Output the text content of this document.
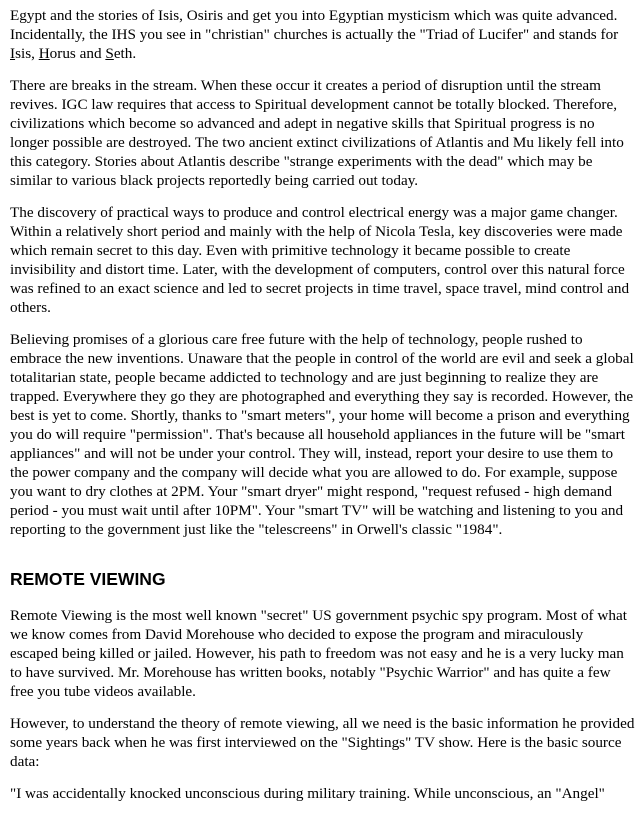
Egypt and the stories of Isis, Osiris and get you into Egyptian mysticism which was quite advanced. Incidentally, the IHS you see in "christian" churches is actually the "Triad of Lucifer" and stands for Isis, Horus and Seth.

There are breaks in the stream. When these occur it creates a period of disruption until the stream revives. IGC law requires that access to Spiritual development cannot be totally blocked. Therefore, civilizations which become so advanced and adept in negative skills that Spiritual progress is no longer possible are destroyed. The two ancient extinct civilizations of Atlantis and Mu likely fell into this category. Stories about Atlantis describe "strange experiments with the dead" which may be similar to various black projects reportedly being carried out today.

The discovery of practical ways to produce and control electrical energy was a major game changer. Within a relatively short period and mainly with the help of Nicola Tesla, key discoveries were made which remain secret to this day. Even with primitive technology it became possible to create invisibility and distort time. Later, with the development of computers, control over this natural force was refined to an exact science and led to secret projects in time travel, space travel, mind control and others.

Believing promises of a glorious care free future with the help of technology, people rushed to embrace the new inventions. Unaware that the people in control of the world are evil and seek a global totalitarian state, people became addicted to technology and are just beginning to realize they are trapped. Everywhere they go they are photographed and everything they say is recorded. However, the best is yet to come. Shortly, thanks to "smart meters", your home will become a prison and everything you do will require "permission". That's because all household appliances in the future will be "smart appliances" and will not be under your control. They will, instead, report your desire to use them to the power company and the company will decide what you are allowed to do. For example, suppose you want to dry clothes at 2PM. Your "smart dryer" might respond, "request refused - high demand period - you must wait until after 10PM". Your "smart TV" will be watching and listening to you and reporting to the government just like the "telescreens" in Orwell's classic "1984".

REMOTE VIEWING

Remote Viewing is the most well known "secret" US government psychic spy program. Most of what we know comes from David Morehouse who decided to expose the program and miraculously escaped being killed or jailed. However, his path to freedom was not easy and he is a very lucky man to have survived. Mr. Morehouse has written books, notably "Psychic Warrior" and has quite a few free you tube videos available.

However, to understand the theory of remote viewing, all we need is the basic information he provided some years back when he was first interviewed on the "Sightings" TV show. Here is the basic source data:

"I was accidentally knocked unconscious during military training. While unconscious, an "Angel"
